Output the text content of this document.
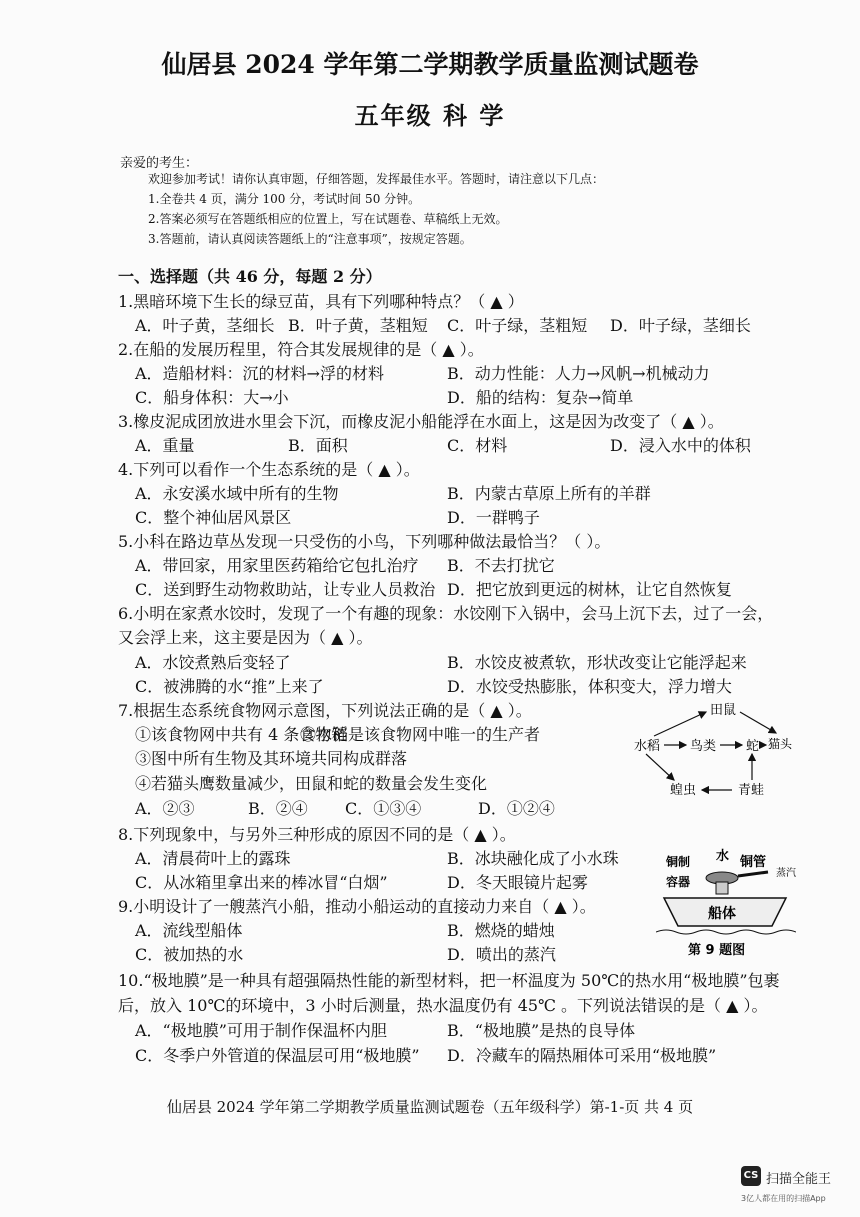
仙居县 2024 学年第二学期教学质量监测试题卷
五年级 科 学
亲爱的考生：
欢迎参加考试！请你认真审题，仔细答题，发挥最佳水平。答题时，请注意以下几点：
1.全卷共 4 页，满分 100 分，考试时间 50 分钟。
2.答案必须写在答题纸相应的位置上，写在试题卷、草稿纸上无效。
3.答题前，请认真阅读答题纸上的“注意事项”，按规定答题。
一、选择题（共 46 分，每题 2 分）
1.黑暗环境下生长的绿豆苗，具有下列哪种特点？（ ▲ ）
A．叶子黄，茎细长 B．叶子黄，茎粗短 C．叶子绿，茎粗短 D．叶子绿，茎细长
2.在船的发展历程里，符合其发展规律的是（ ▲ ）。
A．造船材料：沉的材料→浮的材料	B．动力性能：人力→风帆→机械动力
C．船身体积：大→小	D．船的结构：复杂→简单
3.橡皮泥成团放进水里会下沉，而橡皮泥小船能浮在水面上，这是因为改变了（ ▲ ）。
A．重量	B．面积	C．材料	D．浸入水中的体积
4.下列可以看作一个生态系统的是（ ▲ ）。
A．永安溪水域中所有的生物	B．内蒙古草原上所有的羊群
C．整个神仙居风景区	D．一群鸭子
5.小科在路边草丛发现一只受伤的小鸟，下列哪种做法最恰当？（ ）。
A．带回家，用家里医药箱给它包扎治疗 B．不去打扰它
C．送到野生动物救助站，让专业人员救治 D．把它放到更远的树林，让它自然恢复
6.小明在家煮水饺时，发现了一个有趣的现象：水饺刚下入锅中，会马上沉下去，过了一会，
又会浮上来，这主要是因为（ ▲ ）。
A．水饺煮熟后变轻了	B．水饺皮被煮软，形状改变让它能浮起来
C．被沸腾的水“推”上来了	D．水饺受热膨胀，体积变大，浮力增大
7.根据生态系统食物网示意图，下列说法正确的是（ ▲ ）。
①该食物网中共有 4 条食物链
②水稻是该食物网中唯一的生产者
③图中所有生物及其环境共同构成群落
④若猫头鹰数量减少，田鼠和蛇的数量会发生变化
A．②③	B．②④ C．①③④	D．①②④
田鼠
水稻 鸟类 蛇 猫头
蝗虫	青蛙
8.下列现象中，与另外三种形成的原因不同的是（ ▲ ）。
A．清晨荷叶上的露珠	B．冰块融化成了小水珠
C．从冰箱里拿出来的棒冰冒“白烟”	D．冬天眼镜片起雾
铜制
容器
水 铜管
蒸汽
船体
第 9 题图
9.小明设计了一艘蒸汽小船，推动小船运动的直接动力来自（ ▲ ）。
A．流线型船体	B．燃烧的蜡烛
C．被加热的水	D．喷出的蒸汽
10.“极地膜”是一种具有超强隔热性能的新型材料，把一杯温度为 50℃的热水用“极地膜”包裹
后，放入 10℃的环境中，3 小时后测量，热水温度仍有 45℃ 。下列说法错误的是（ ▲ ）。
A．“极地膜”可用于制作保温杯内胆	B．“极地膜”是热的良导体
C．冬季户外管道的保温层可用“极地膜” D．冷藏车的隔热厢体可采用“极地膜”
仙居县 2024 学年第二学期教学质量监测试题卷（五年级科学）第-1-页 共 4 页
CS 扫描全能王
3亿人都在用的扫描App
